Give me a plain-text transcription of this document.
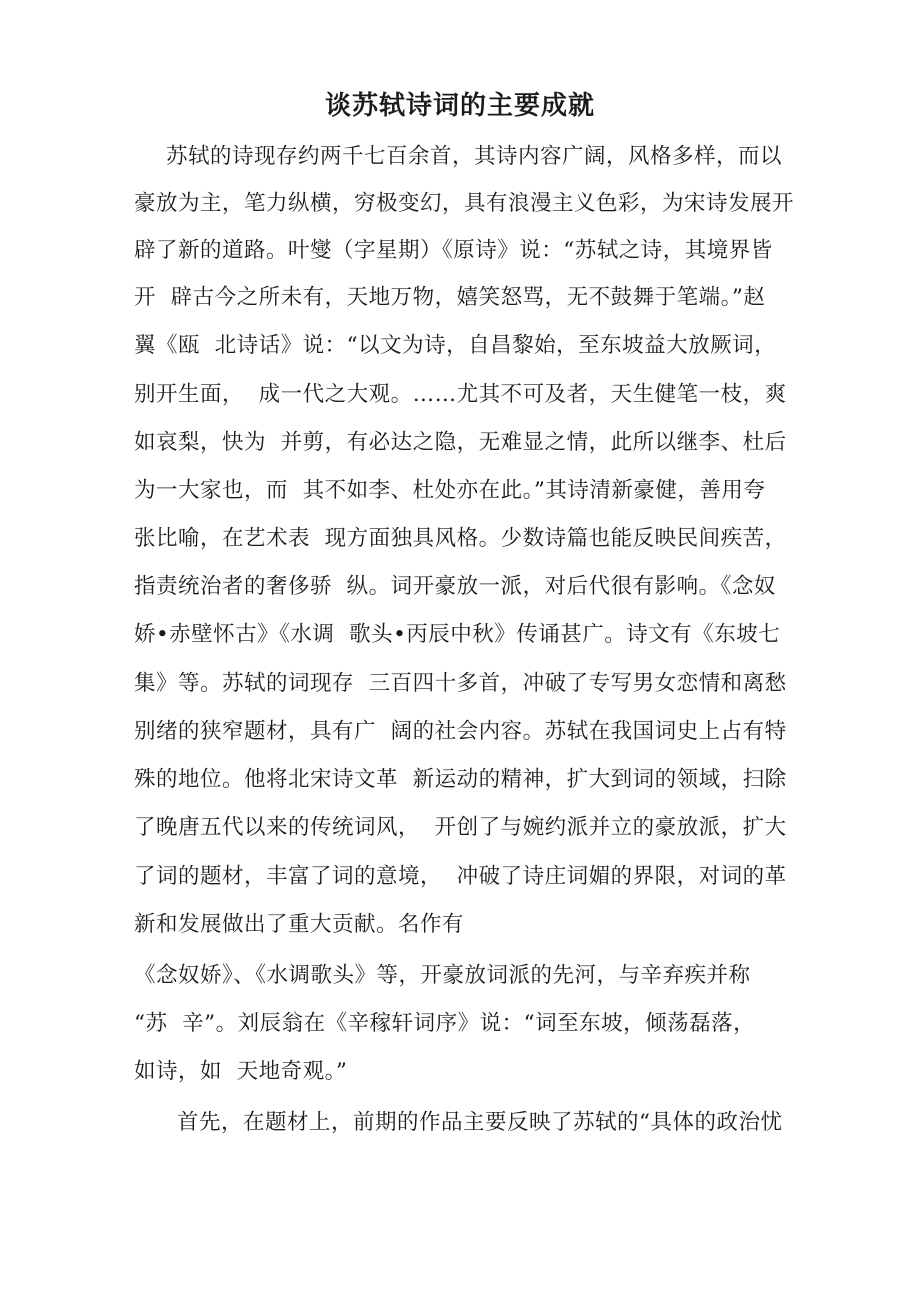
谈苏轼诗词的主要成就
苏轼的诗现存约两千七百余首，其诗内容广阔，风格多样，而以
豪放为主，笔力纵横，穷极变幻，具有浪漫主义色彩，为宋诗发展开
辟了新的道路。叶燮（字星期）《原诗》说：“苏轼之诗，其境界皆
开  辟古今之所未有，天地万物，嬉笑怒骂，无不鼓舞于笔端。”赵
翼《瓯  北诗话》说：“以文为诗，自昌黎始，至东坡益大放厥词，
别开生面，  成一代之大观。……尤其不可及者，天生健笔一枝，爽
如哀梨，快为  并剪，有必达之隐，无难显之情，此所以继李、杜后
为一大家也，而  其不如李、杜处亦在此。”其诗清新豪健，善用夸
张比喻，在艺术表  现方面独具风格。少数诗篇也能反映民间疾苦，
指责统治者的奢侈骄  纵。词开豪放一派，对后代很有影响。《念奴
娇•赤壁怀古》《水调  歌头•丙辰中秋》传诵甚广。诗文有《东坡七
集》等。苏轼的词现存  三百四十多首，冲破了专写男女恋情和离愁
别绪的狭窄题材，具有广  阔的社会内容。苏轼在我国词史上占有特
殊的地位。他将北宋诗文革  新运动的精神，扩大到词的领域，扫除
了晚唐五代以来的传统词风，  开创了与婉约派并立的豪放派，扩大
了词的题材，丰富了词的意境，  冲破了诗庄词媚的界限，对词的革
新和发展做出了重大贡献。名作有
《念奴娇》、《水调歌头》等，开豪放词派的先河，与辛弃疾并称
“苏  辛”。刘辰翁在《辛稼轩词序》说：“词至东坡，倾荡磊落，
如诗，如  天地奇观。”
首先，在题材上，前期的作品主要反映了苏轼的“具体的政治忧
